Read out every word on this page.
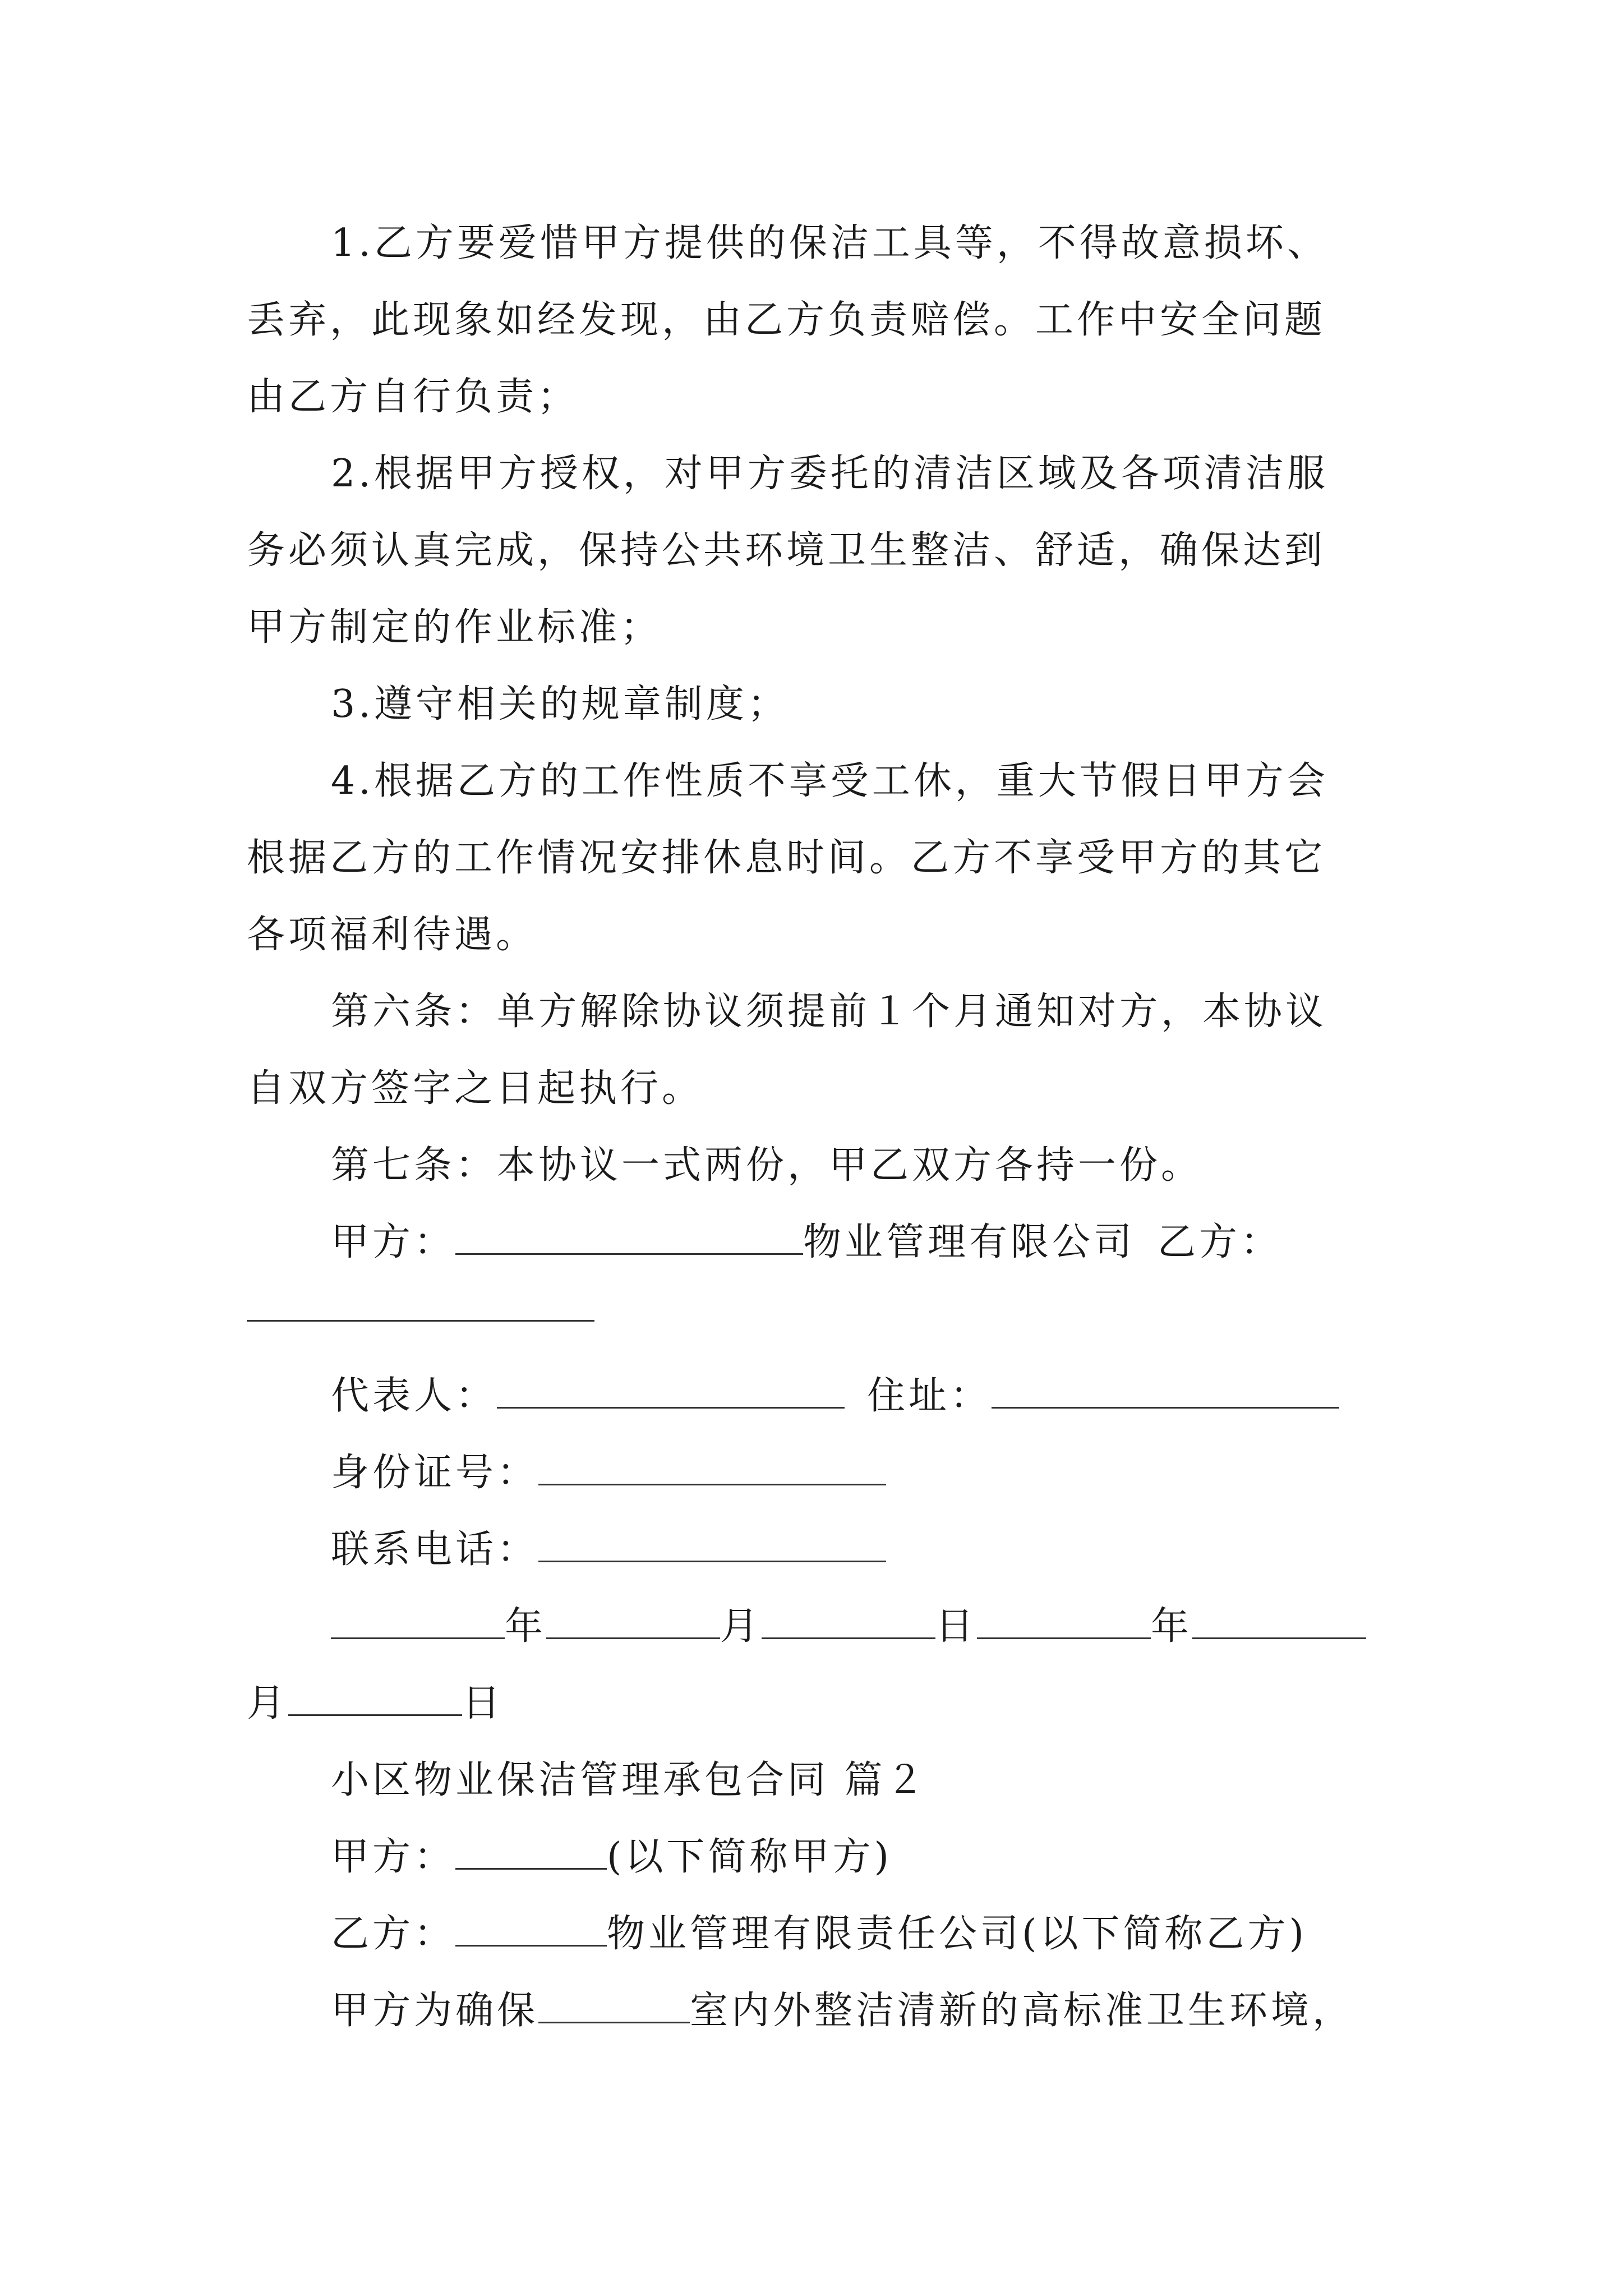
1.乙方要爱惜甲方提供的保洁工具等，不得故意损坏、
丢弃，此现象如经发现，由乙方负责赔偿。工作中安全问题
由乙方自行负责；
2.根据甲方授权，对甲方委托的清洁区域及各项清洁服
务必须认真完成，保持公共环境卫生整洁、舒适，确保达到
甲方制定的作业标准；
3.遵守相关的规章制度；
4.根据乙方的工作性质不享受工休，重大节假日甲方会
根据乙方的工作情况安排休息时间。乙方不享受甲方的其它
各项福利待遇。
第六条：单方解除协议须提前１个月通知对方，本协议
自双方签字之日起执行。
第七条：本协议一式两份，甲乙双方各持一份。
甲方：	物业管理有限公司 乙方：
代表人：	住址：
身份证号：
联系电话：
年	月	日	年
月	日
小区物业保洁管理承包合同 篇２
甲方：	(以下简称甲方)
乙方：	物业管理有限责任公司(以下简称乙方)
甲方为确保	室内外整洁清新的高标准卫生环境，
